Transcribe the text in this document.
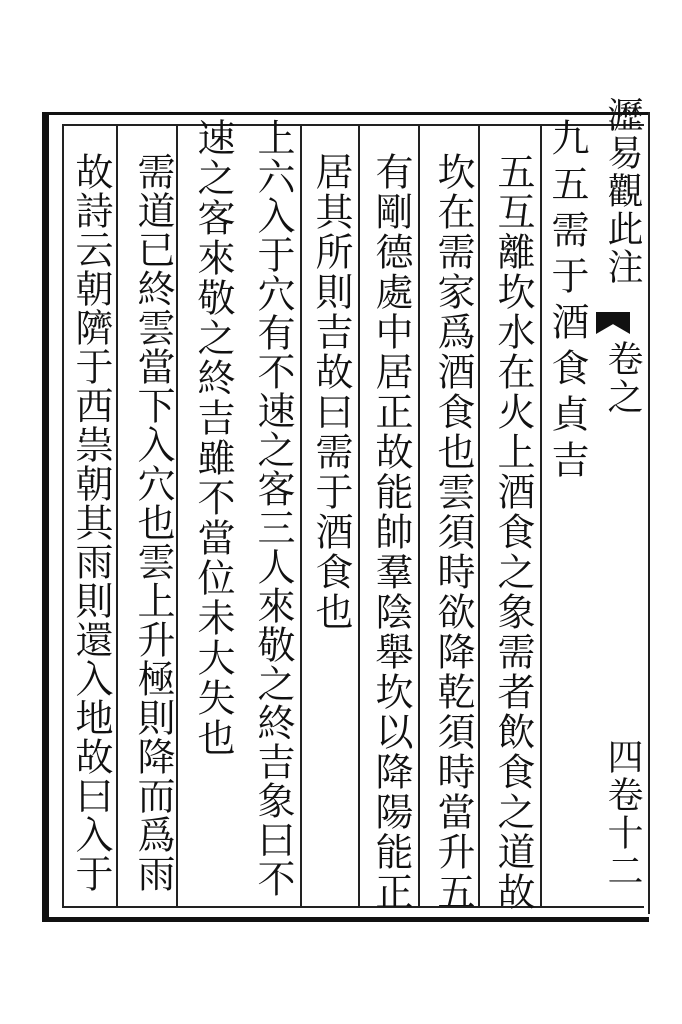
瀝易觀此注
卷之
四卷十二
九五需于酒食貞吉
五互離坎水在火上酒食之象需者飲食之道故
坎在需家爲酒食也雲須時欲降乾須時當升五
有剛德處中居正故能帥羣陰舉坎以降陽能正
居其所則吉故曰需于酒食也
上六入于穴有不速之客三人來敬之終吉象曰不
速之客來敬之終吉雖不當位未大失也
需道已終雲當下入穴也雲上升極則降而爲雨
故詩云朝隮于西祟朝其雨則還入地故曰入于
